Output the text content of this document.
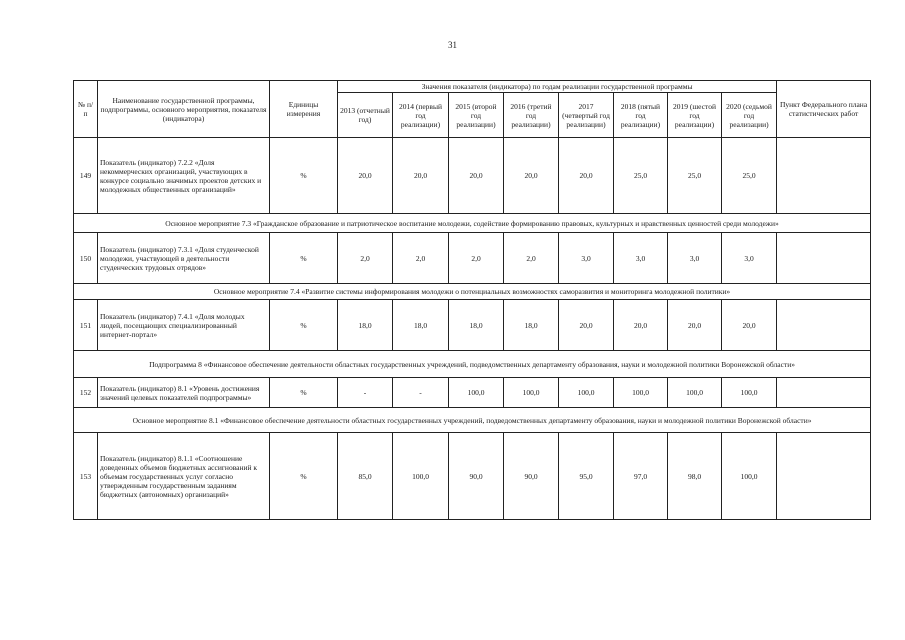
31
№ п/п	Наименование государственной программы, подпрограммы, основного мероприятия, показателя (индикатора)	Единицы измерения	Значения показателя (индикатора) по годам реализации государственной программы								Пункт Федерального плана статистических работ
			2013 (отчетный год)	2014 (первый год реализации)	2015 (второй год реализации)	2016 (третий год реализации)	2017 (четвертый год реализации)	2018 (пятый год реализации)	2019 (шестой год реализации)	2020 (седьмой год реализации)	
149	Показатель (индикатор) 7.2.2 «Доля некоммерческих организаций, участвующих в конкурсе социально значимых проектов детских и молодежных общественных организаций»	%	20,0	20,0	20,0	20,0	20,0	25,0	25,0	25,0	
Основное мероприятие 7.3 «Гражданское образование и патриотическое воспитание молодежи, содействие формированию правовых, культурных и нравственных ценностей среди молодежи»											
150	Показатель (индикатор) 7.3.1 «Доля студенческой молодежи, участвующей в деятельности студенческих трудовых отрядов»	%	2,0	2,0	2,0	2,0	3,0	3,0	3,0	3,0	
Основное мероприятие 7.4 «Развитие системы информирования молодежи о потенциальных возможностях саморазвития и мониторинга молодежной политики»											
151	Показатель (индикатор) 7.4.1 «Доля молодых людей, посещающих специализированный интернет-портал»	%	18,0	18,0	18,0	18,0	20,0	20,0	20,0	20,0	
Подпрограмма 8 «Финансовое обеспечение деятельности областных государственных учреждений, подведомственных департаменту образования, науки и молодежной политики Воронежской области»											
152	Показатель (индикатор) 8.1 «Уровень достижения значений целевых показателей подпрограммы»	%	-	-	100,0	100,0	100,0	100,0	100,0	100,0	
Основное мероприятие 8.1 «Финансовое обеспечение деятельности областных государственных учреждений, подведомственных департаменту образования, науки и молодежной политики Воронежской области»											
153	Показатель (индикатор) 8.1.1 «Соотношение доведенных объемов бюджетных ассигнований к объемам государственных услуг согласно утвержденным государственным заданиям бюджетных (автономных) организаций»	%	85,0	100,0	90,0	90,0	95,0	97,0	98,0	100,0	
